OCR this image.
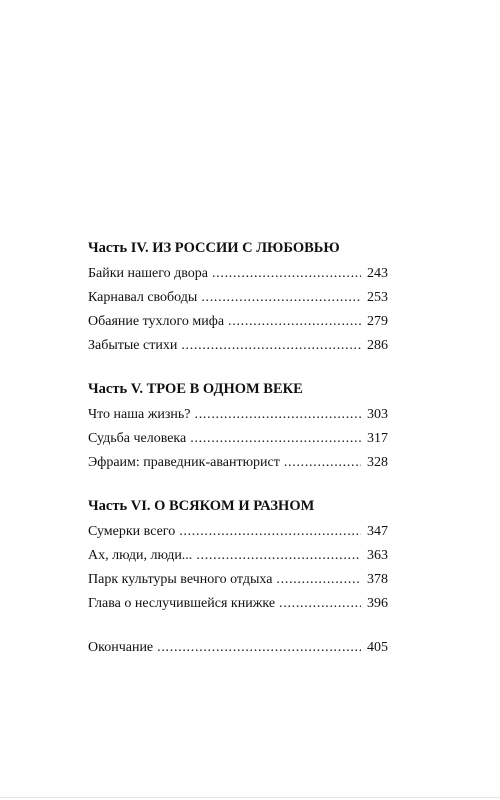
Часть IV. ИЗ РОССИИ С ЛЮБОВЬЮ
Байки нашего двора . . .	243
Карнавал свободы . . .	253
Обаяние тухлого мифа . . .	279
Забытые стихи . . .	286
Часть V. ТРОЕ В ОДНОМ ВЕКЕ
Что наша жизнь? . . .	303
Судьба человека . . .	317
Эфраим: праведник-авантюрист . . .	328
Часть VI. О ВСЯКОМ И РАЗНОМ
Сумерки всего . . .	347
Ах, люди, люди... . . .	363
Парк культуры вечного отдыха . . .	378
Глава о неслучившейся книжке . . .	396
Окончание . . .	405
